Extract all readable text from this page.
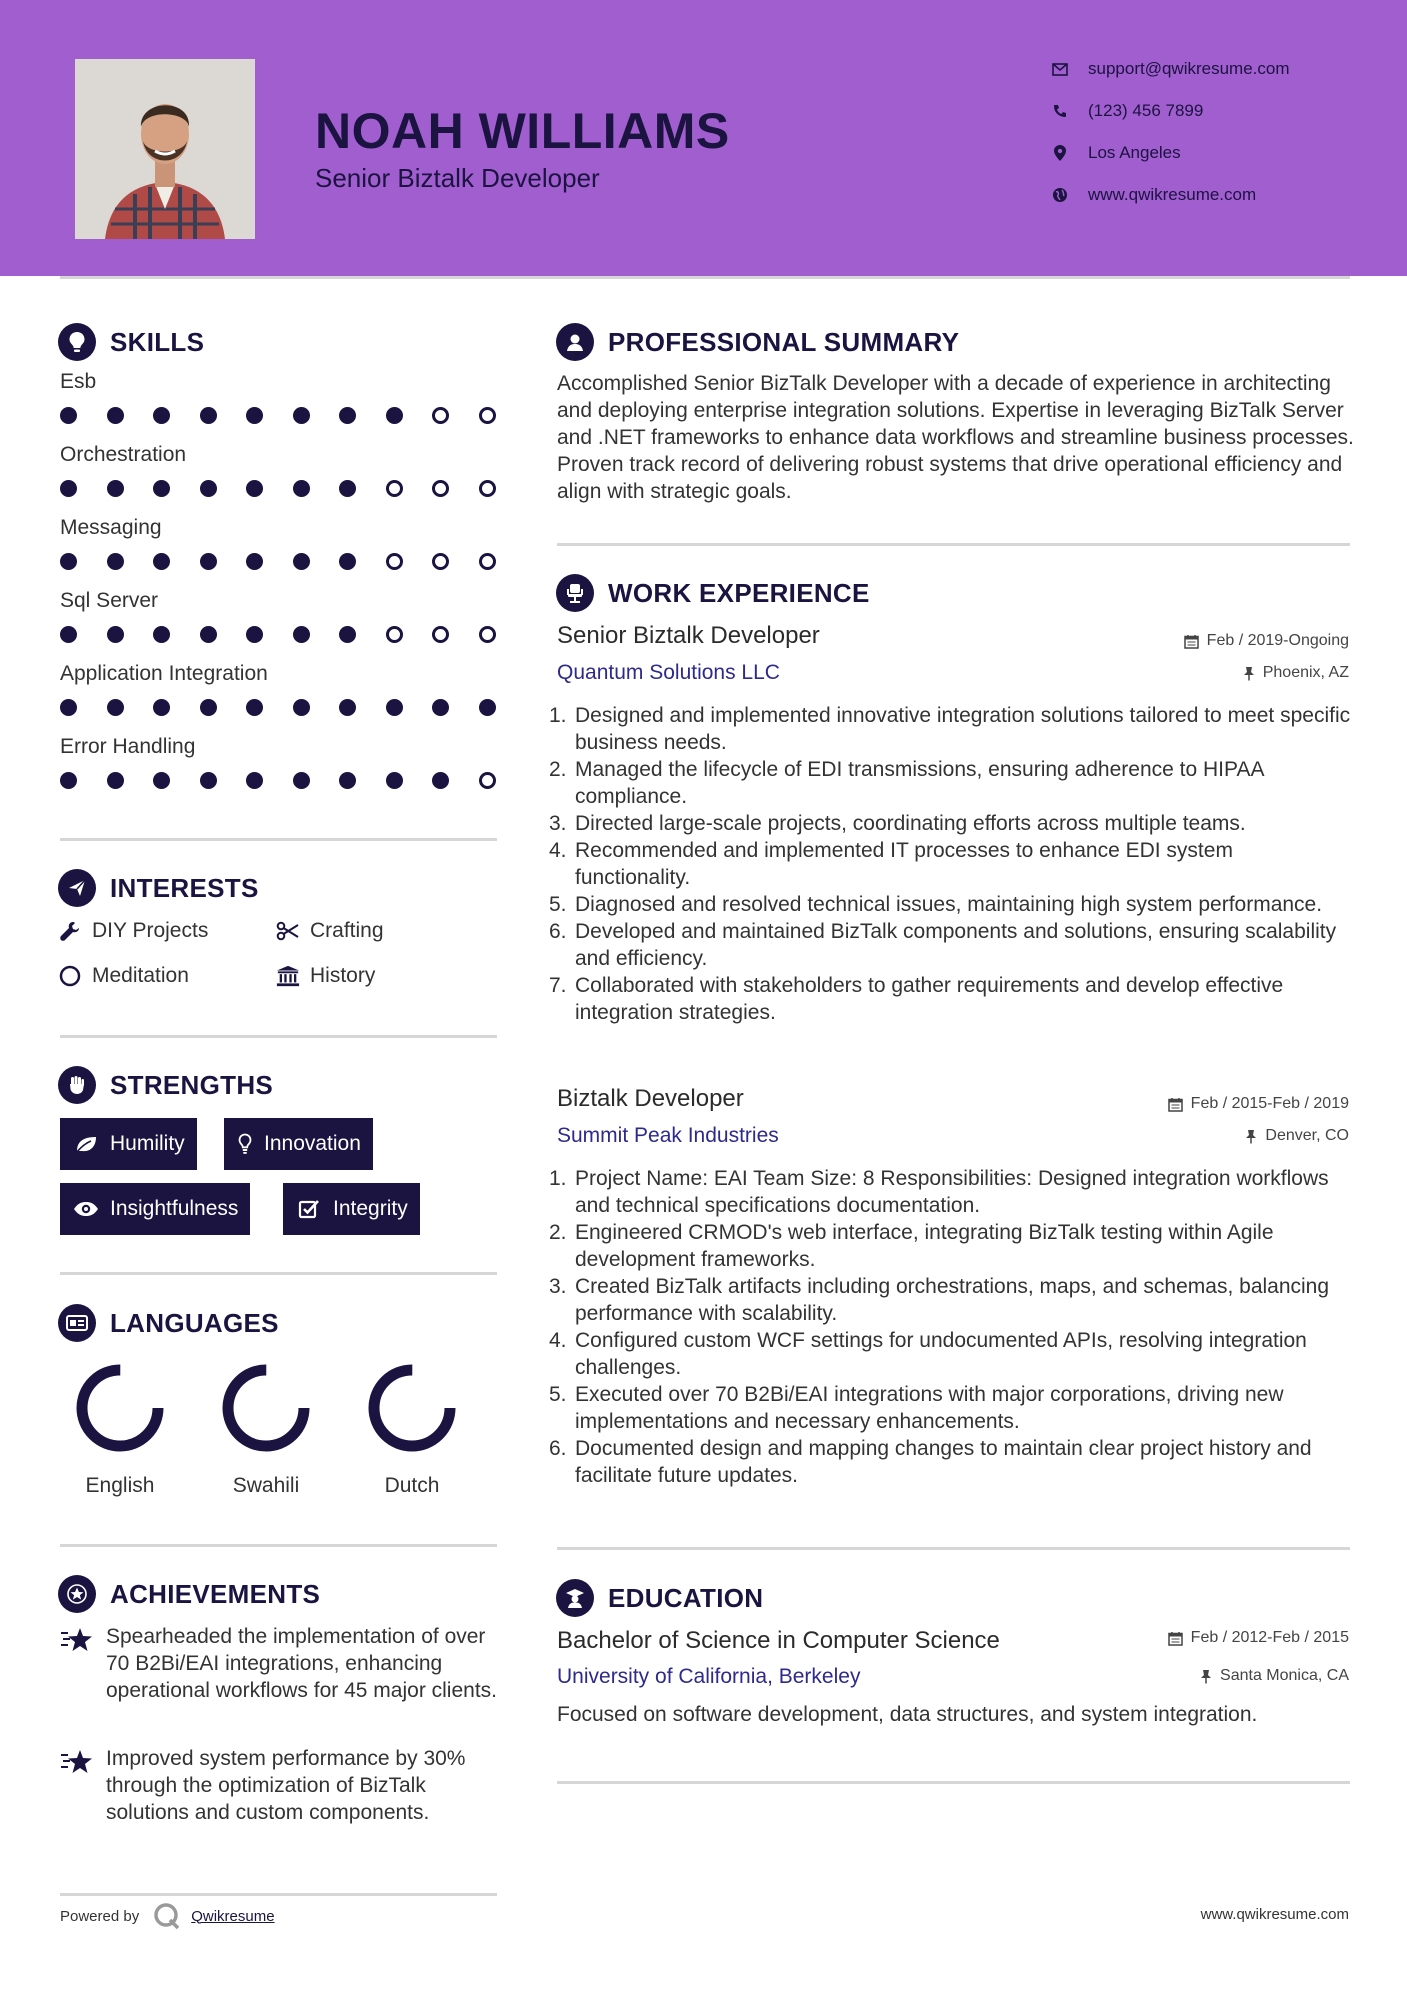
NOAH WILLIAMS
Senior Biztalk Developer
support@qwikresume.com
(123) 456 7899
Los Angeles
www.qwikresume.com
SKILLS
Esb
Orchestration
Messaging
Sql Server
Application Integration
Error Handling
INTERESTS
DIY Projects	Crafting
Meditation	History
STRENGTHS
Humility	Innovation
Insightfulness	Integrity
LANGUAGES
English	Swahili	Dutch
ACHIEVEMENTS
Spearheaded the implementation of over 70 B2Bi/EAI integrations, enhancing operational workflows for 45 major clients.
Improved system performance by 30% through the optimization of BizTalk solutions and custom components.
PROFESSIONAL SUMMARY
Accomplished Senior BizTalk Developer with a decade of experience in architecting and deploying enterprise integration solutions. Expertise in leveraging BizTalk Server and .NET frameworks to enhance data workflows and streamline business processes. Proven track record of delivering robust systems that drive operational efficiency and align with strategic goals.
WORK EXPERIENCE
Senior Biztalk Developer	Feb / 2019-Ongoing
Quantum Solutions LLC	Phoenix, AZ
1. Designed and implemented innovative integration solutions tailored to meet specific business needs.
2. Managed the lifecycle of EDI transmissions, ensuring adherence to HIPAA compliance.
3. Directed large-scale projects, coordinating efforts across multiple teams.
4. Recommended and implemented IT processes to enhance EDI system functionality.
5. Diagnosed and resolved technical issues, maintaining high system performance.
6. Developed and maintained BizTalk components and solutions, ensuring scalability and efficiency.
7. Collaborated with stakeholders to gather requirements and develop effective integration strategies.
Biztalk Developer	Feb / 2015-Feb / 2019
Summit Peak Industries	Denver, CO
1. Project Name: EAI Team Size: 8 Responsibilities: Designed integration workflows and technical specifications documentation.
2. Engineered CRMOD's web interface, integrating BizTalk testing within Agile development frameworks.
3. Created BizTalk artifacts including orchestrations, maps, and schemas, balancing performance with scalability.
4. Configured custom WCF settings for undocumented APIs, resolving integration challenges.
5. Executed over 70 B2Bi/EAI integrations with major corporations, driving new implementations and necessary enhancements.
6. Documented design and mapping changes to maintain clear project history and facilitate future updates.
EDUCATION
Bachelor of Science in Computer Science	Feb / 2012-Feb / 2015
University of California, Berkeley	Santa Monica, CA
Focused on software development, data structures, and system integration.
Powered by	Qwikresume	www.qwikresume.com
